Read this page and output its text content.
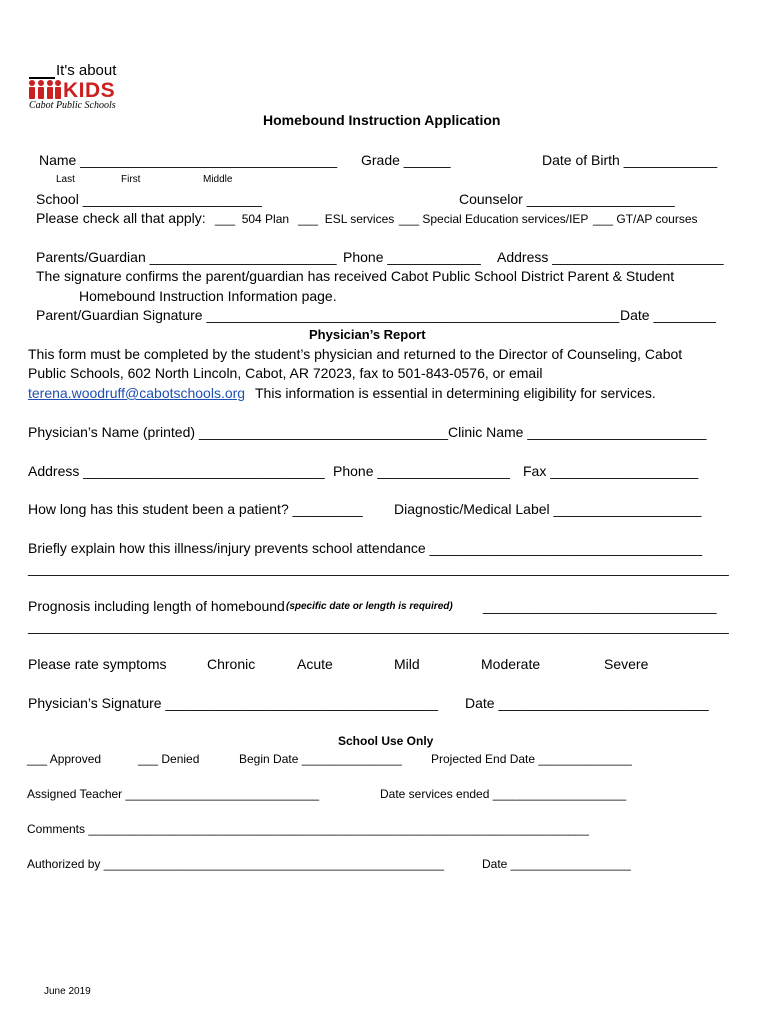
It's about
KIDS
Cabot Public Schools
Homebound Instruction Application
Name _________________________________ Grade ______	Date of Birth ____________
Last	First	Middle
School _______________________	Counselor ___________________
Please check all that apply: ___  504 Plan ___  ESL services ___ Special Education services/IEP ___ GT/AP courses
Parents/Guardian ________________________ Phone ____________ Address ______________________
The signature confirms the parent/guardian has received Cabot Public School District Parent & Student
Homebound Instruction Information page.
Parent/Guardian Signature _____________________________________________________ Date ________
Physician’s Report
This form must be completed by the student’s physician and returned to the Director of Counseling, Cabot
Public Schools, 602 North Lincoln, Cabot, AR 72023, fax to 501-843-0576, or email
terena.woodruff@cabotschools.org This information is essential in determining eligibility for services.
Physician’s Name (printed) ________________________________ Clinic Name _______________________
Address _______________________________ Phone _________________ Fax ___________________
How long has this student been a patient? _________ Diagnostic/Medical Label ___________________
Briefly explain how this illness/injury prevents school attendance ___________________________________
__________________________________________________________________________________________
Prognosis including length of homebound (specific date or length is required) ______________________________
__________________________________________________________________________________________
Please rate symptoms	Chronic	Acute	Mild	Moderate	Severe
Physician’s Signature ___________________________________ Date ___________________________
School Use Only
___ Approved	___ Denied	Begin Date _______________ Projected End Date ______________
Assigned Teacher _____________________________	Date services ended ____________________
Comments ___________________________________________________________________________
Authorized by ___________________________________________________	Date __________________
June 2019
